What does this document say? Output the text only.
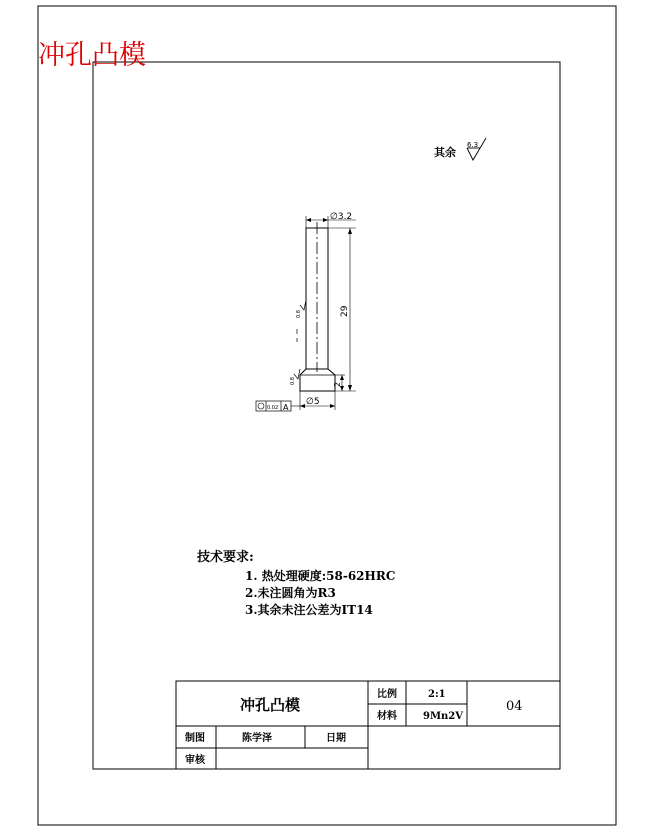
冲孔凸模
其余
6.3
∅3.2
29
2
∅5
0.8
0.8
0.02 A
技术要求:
1. 热处理硬度:58-62HRC
2.未注圆角为R3
3.其余未注公差为IT14
冲孔凸模
比例	2:1
材料	9Mn2V
04
制图	陈学泽	日期
审核
